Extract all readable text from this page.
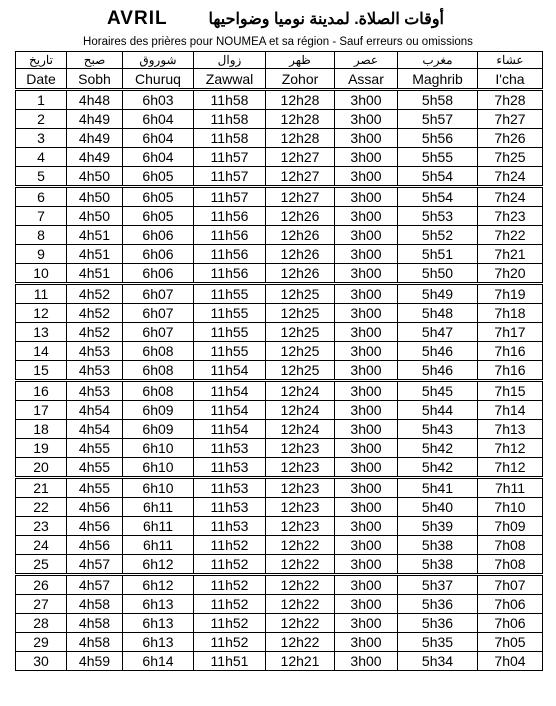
AVRIL	أوقات الصلاة. لمدينة نوميا وضواحيها
Horaires des prières pour NOUMEA et sa région - Sauf erreurs ou omissions
تاريخ	صبح	شوروق	زوال	ظهر	عصر	مغرب	عشاء
Date	Sobh	Churuq	Zawwal	Zohor	Assar	Maghrib	I'cha
1	4h48	6h03	11h58	12h28	3h00	5h58	7h28
2	4h49	6h04	11h58	12h28	3h00	5h57	7h27
3	4h49	6h04	11h58	12h28	3h00	5h56	7h26
4	4h49	6h04	11h57	12h27	3h00	5h55	7h25
5	4h50	6h05	11h57	12h27	3h00	5h54	7h24
6	4h50	6h05	11h57	12h27	3h00	5h54	7h24
7	4h50	6h05	11h56	12h26	3h00	5h53	7h23
8	4h51	6h06	11h56	12h26	3h00	5h52	7h22
9	4h51	6h06	11h56	12h26	3h00	5h51	7h21
10	4h51	6h06	11h56	12h26	3h00	5h50	7h20
11	4h52	6h07	11h55	12h25	3h00	5h49	7h19
12	4h52	6h07	11h55	12h25	3h00	5h48	7h18
13	4h52	6h07	11h55	12h25	3h00	5h47	7h17
14	4h53	6h08	11h55	12h25	3h00	5h46	7h16
15	4h53	6h08	11h54	12h25	3h00	5h46	7h16
16	4h53	6h08	11h54	12h24	3h00	5h45	7h15
17	4h54	6h09	11h54	12h24	3h00	5h44	7h14
18	4h54	6h09	11h54	12h24	3h00	5h43	7h13
19	4h55	6h10	11h53	12h23	3h00	5h42	7h12
20	4h55	6h10	11h53	12h23	3h00	5h42	7h12
21	4h55	6h10	11h53	12h23	3h00	5h41	7h11
22	4h56	6h11	11h53	12h23	3h00	5h40	7h10
23	4h56	6h11	11h53	12h23	3h00	5h39	7h09
24	4h56	6h11	11h52	12h22	3h00	5h38	7h08
25	4h57	6h12	11h52	12h22	3h00	5h38	7h08
26	4h57	6h12	11h52	12h22	3h00	5h37	7h07
27	4h58	6h13	11h52	12h22	3h00	5h36	7h06
28	4h58	6h13	11h52	12h22	3h00	5h36	7h06
29	4h58	6h13	11h52	12h22	3h00	5h35	7h05
30	4h59	6h14	11h51	12h21	3h00	5h34	7h04
